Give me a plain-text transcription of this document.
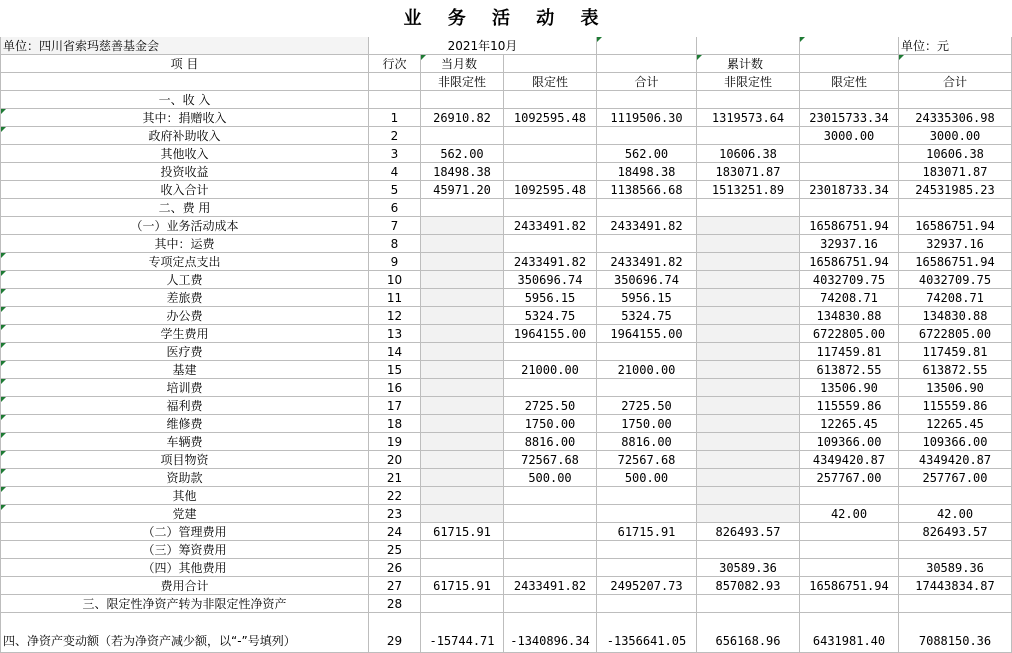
业 务 活 动 表
单位：四川省索玛慈善基金会	2021年10月						单位：元
项 目	行次	当月数			累计数		
		非限定性	限定性	合计	非限定性	限定性	合计
一、收 入							
其中：捐赠收入	1	26910.82	1092595.48	1119506.30	1319573.64	23015733.34	24335306.98
政府补助收入	2					3000.00	3000.00
其他收入	3	562.00		562.00	10606.38		10606.38
投资收益	4	18498.38		18498.38	183071.87		183071.87
收入合计	5	45971.20	1092595.48	1138566.68	1513251.89	23018733.34	24531985.23
二、费 用	6						
（一）业务活动成本	7		2433491.82	2433491.82		16586751.94	16586751.94
其中：运费	8					32937.16	32937.16
专项定点支出	9		2433491.82	2433491.82		16586751.94	16586751.94
人工费	10		350696.74	350696.74		4032709.75	4032709.75
差旅费	11		5956.15	5956.15		74208.71	74208.71
办公费	12		5324.75	5324.75		134830.88	134830.88
学生费用	13		1964155.00	1964155.00		6722805.00	6722805.00
医疗费	14					117459.81	117459.81
基建	15		21000.00	21000.00		613872.55	613872.55
培训费	16					13506.90	13506.90
福利费	17		2725.50	2725.50		115559.86	115559.86
维修费	18		1750.00	1750.00		12265.45	12265.45
车辆费	19		8816.00	8816.00		109366.00	109366.00
项目物资	20		72567.68	72567.68		4349420.87	4349420.87
资助款	21		500.00	500.00		257767.00	257767.00
其他	22						
党建	23					42.00	42.00
（二）管理费用	24	61715.91		61715.91	826493.57		826493.57
（三）筹资费用	25						
（四）其他费用	26				30589.36		30589.36
费用合计	27	61715.91	2433491.82	2495207.73	857082.93	16586751.94	17443834.87
三、限定性净资产转为非限定性净资产	28						
四、净资产变动额（若为净资产减少额，以“-”号填列）	29	-15744.71	-1340896.34	-1356641.05	656168.96	6431981.40	7088150.36
